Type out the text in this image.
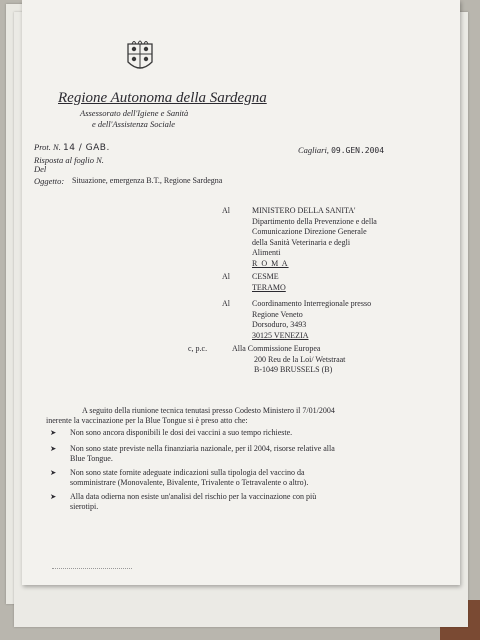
Regione Autonoma della Sardegna
Assessorato dell'Igiene e Sanità
e dell'Assistenza Sociale
Prot. N. 14 / GAB.
Risposta al foglio N.
Del
Oggetto: Situazione, emergenza B.T., Regione Sardegna
Cagliari, 09.GEN.2004
Al	MINISTERO DELLA SANITA'
Dipartimento della Prevenzione e della
Comunicazione Direzione Generale
della Sanità Veterinaria e degli
Alimenti
R O M A
Al	CESME
TERAMO
Al	Coordinamento Interregionale presso
Regione Veneto
Dorsoduro, 3493
30125 VENEZIA
c, p.c.	Alla Commissione Europea
200 Reu de la Loi/ Wetstraat
B-1049 BRUSSELS (B)
A seguito della riunione tecnica tenutasi presso Codesto Ministero il 7/01/2004
inerente la vaccinazione per la Blue Tongue si è preso atto che:
➤ Non sono ancora disponibili le dosi dei vaccini a suo tempo richieste.
➤ Non sono state previste nella finanziaria nazionale, per il 2004, risorse relative alla
Blue Tongue.
➤ Non sono state fornite adeguate indicazioni sulla tipologia del vaccino da
somministrare (Monovalente, Bivalente, Trivalente o Tetravalente o altro).
➤ Alla data odierna non esiste un'analisi del rischio per la vaccinazione con più
sierotipi.
